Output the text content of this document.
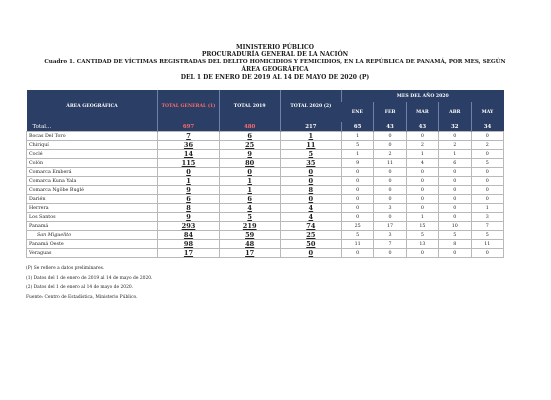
MINISTERIO PÚBLICO
PROCURADURÍA GENERAL DE LA NACIÓN
Cuadro 1. CANTIDAD DE VÍCTIMAS REGISTRADAS DEL DELITO HOMICIDIOS Y FEMICIDIOS, EN LA REPÚBLICA DE PANAMÁ, POR MES, SEGÚN
ÁREA GEOGRÁFICA
DEL 1 DE ENERO DE 2019 AL 14 DE MAYO DE 2020 (P)
ÁREA GEOGRÁFICA	TOTAL GENERAL (1)	TOTAL 2019	TOTAL 2020 (2)	MES DEL AÑO 2020				
				ENE	FEB	MAR	ABR	MAY

Total...	697	480	217	65	43	43	32	34
Bocas Del Toro	7	6	1	1	0	0	0	0
Chiriquí	36	25	11	5	0	2	2	2
Coclé	14	9	5	1	2	1	1	0
Colón	115	80	35	9	11	4	6	5
Comarca Emberá	0	0	0	0	0	0	0	0
Comarca Kuna Yala	1	1	0	0	0	0	0	0
Comarca Ngöbe Buglé	9	1	8	0	0	0	0	0
Darién	6	6	0	0	0	0	0	0
Herrera	8	4	4	0	3	0	0	1
Los Santos	9	5	4	0	0	1	0	3
Panamá	293	219	74	25	17	15	10	7
San Miguelito	84	59	25	5	3	5	5	5
Panamá Oeste	98	48	50	11	7	13	8	11
Veraguas	17	17	0	0	0	0	0	0
(P) Se refiere a datos preliminares.
(1) Datos del 1 de enero de 2019 al 14 de mayo de 2020.
(2) Datos del 1 de enero al 14 de mayo de 2020.
Fuente: Centro de Estadística, Ministerio Público.
